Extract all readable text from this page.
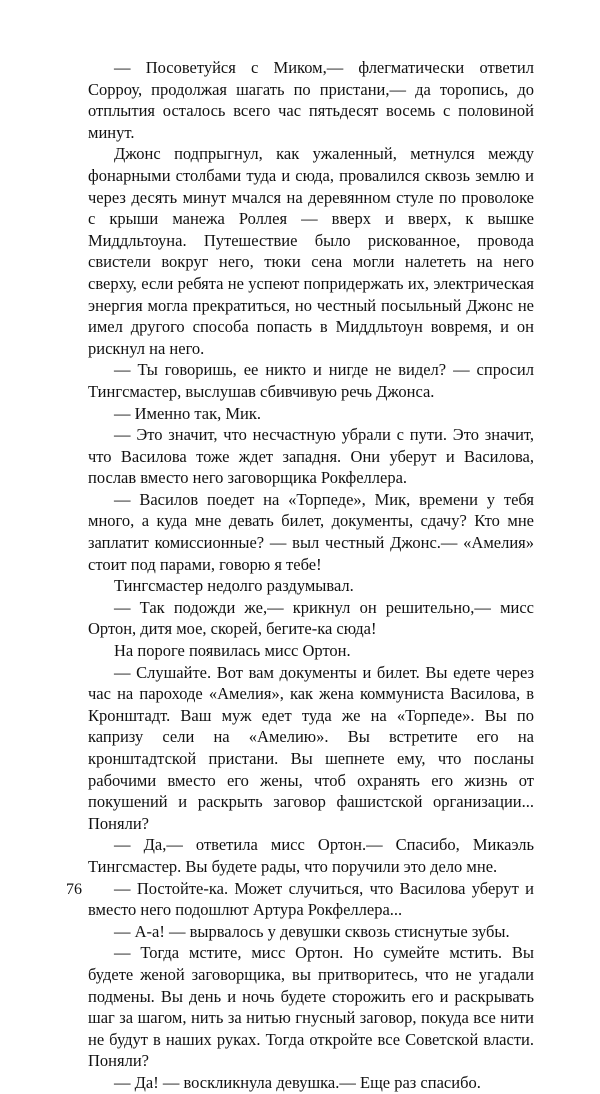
— Посоветуйся с Миком,— флегматически ответил Сорроу, продолжая шагать по пристани,— да торопись, до отплытия осталось всего час пятьдесят восемь с половиной минут.

Джонс подпрыгнул, как ужаленный, метнулся между фонарными столбами туда и сюда, провалился сквозь землю и через десять минут мчался на деревянном стуле по проволоке с крыши манежа Роллея — вверх и вверх, к вышке Миддльтоуна. Путешествие было рискованное, провода свистели вокруг него, тюки сена могли налететь на него сверху, если ребята не успеют попридержать их, электрическая энергия могла прекратиться, но честный посыльный Джонс не имел другого способа попасть в Миддльтоун вовремя, и он рискнул на него.

— Ты говоришь, ее никто и нигде не видел? — спросил Тингсмастер, выслушав сбивчивую речь Джонса.

— Именно так, Мик.

— Это значит, что несчастную убрали с пути. Это значит, что Василова тоже ждет западня. Они уберут и Василова, послав вместо него заговорщика Рокфеллера.

— Василов поедет на «Торпеде», Мик, времени у тебя много, а куда мне девать билет, документы, сдачу? Кто мне заплатит комиссионные? — выл честный Джонс.— «Амелия» стоит под парами, говорю я тебе!

Тингсмастер недолго раздумывал.

— Так подожди же,— крикнул он решительно,— мисс Ортон, дитя мое, скорей, бегите-ка сюда!

На пороге появилась мисс Ортон.

— Слушайте. Вот вам документы и билет. Вы едете через час на пароходе «Амелия», как жена коммуниста Василова, в Кронштадт. Ваш муж едет туда же на «Торпеде». Вы по капризу сели на «Амелию». Вы встретите его на кронштадтской пристани. Вы шепнете ему, что посланы рабочими вместо его жены, чтоб охранять его жизнь от покушений и раскрыть заговор фашистской организации... Поняли?

— Да,— ответила мисс Ортон.— Спасибо, Микаэль Тингсмастер. Вы будете рады, что поручили это дело мне.

— Постойте-ка. Может случиться, что Василова уберут и вместо него подошлют Артура Рокфеллера...

— А-а! — вырвалось у девушки сквозь стиснутые зубы.

— Тогда мстите, мисс Ортон. Но сумейте мстить. Вы будете женой заговорщика, вы притворитесь, что не угадали подмены. Вы день и ночь будете сторожить его и раскрывать шаг за шагом, нить за нитью гнусный заговор, покуда все нити не будут в наших руках. Тогда откройте все Советской власти. Поняли?

— Да! — воскликнула девушка.— Еще раз спасибо.

76
